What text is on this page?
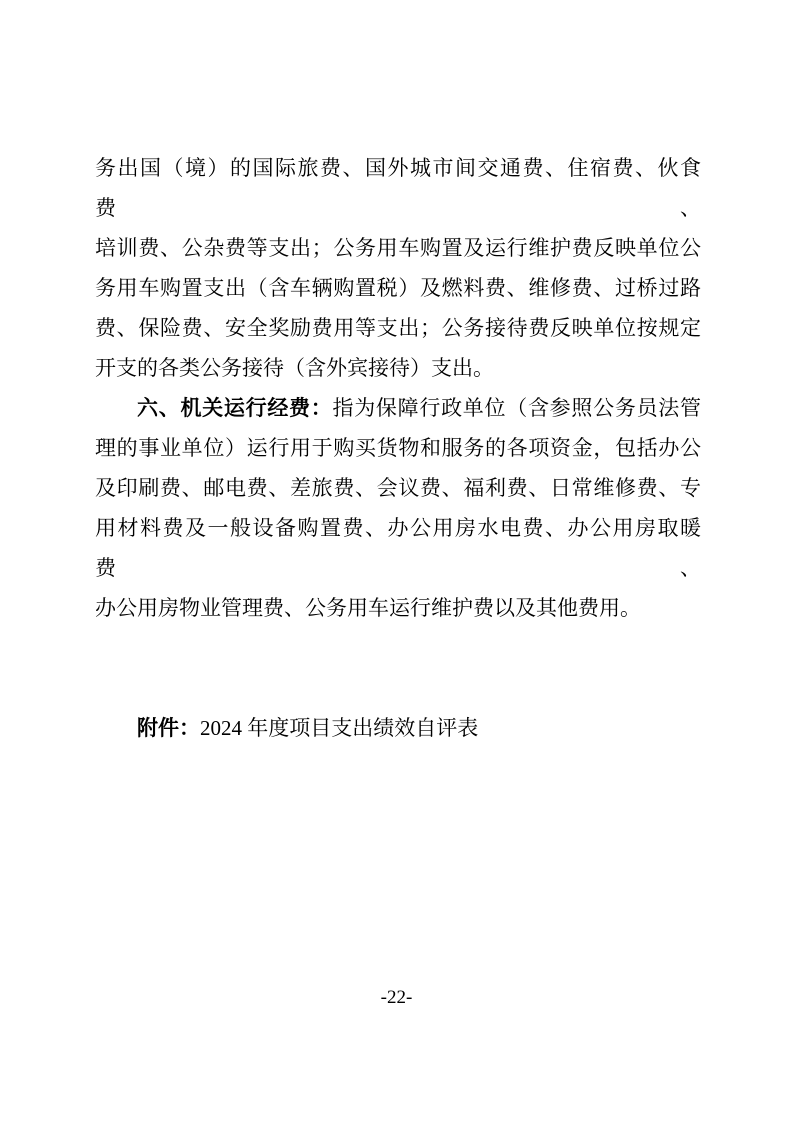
务出国（境）的国际旅费、国外城市间交通费、住宿费、伙食费、
培训费、公杂费等支出；公务用车购置及运行维护费反映单位公
务用车购置支出（含车辆购置税）及燃料费、维修费、过桥过路
费、保险费、安全奖励费用等支出；公务接待费反映单位按规定
开支的各类公务接待（含外宾接待）支出。
六、机关运行经费：指为保障行政单位（含参照公务员法管
理的事业单位）运行用于购买货物和服务的各项资金，包括办公
及印刷费、邮电费、差旅费、会议费、福利费、日常维修费、专
用材料费及一般设备购置费、办公用房水电费、办公用房取暖费、
办公用房物业管理费、公务用车运行维护费以及其他费用。
附件：2024 年度项目支出绩效自评表
-22-
